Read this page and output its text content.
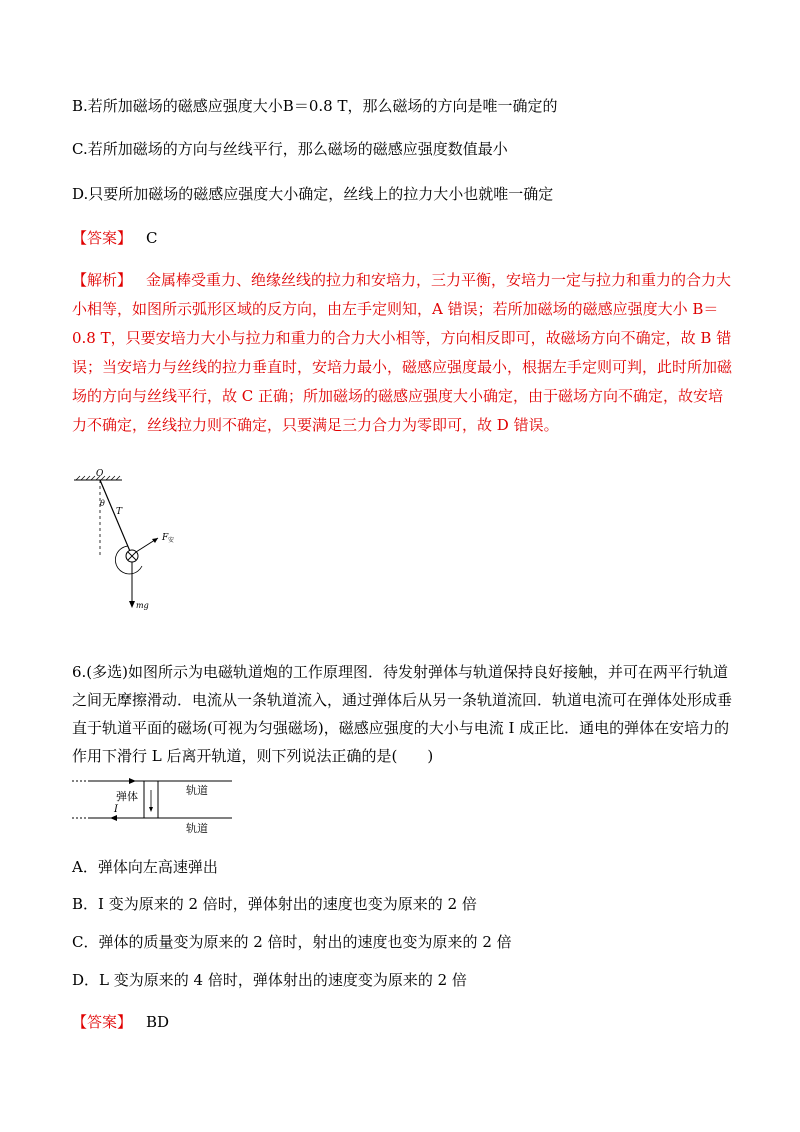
B.若所加磁场的磁感应强度大小B＝0.8 T，那么磁场的方向是唯一确定的
C.若所加磁场的方向与丝线平行，那么磁场的磁感应强度数值最小
D.只要所加磁场的磁感应强度大小确定，丝线上的拉力大小也就唯一确定
【答案】 C
【解析】 金属棒受重力、绝缘丝线的拉力和安培力，三力平衡，安培力一定与拉力和重力的合力大小相等，如图所示弧形区域的反方向，由左手定则知，A 错误；若所加磁场的磁感应强度大小 B＝0.8 T，只要安培力大小与拉力和重力的合力大小相等，方向相反即可，故磁场方向不确定，故 B 错误；当安培力与丝线的拉力垂直时，安培力最小，磁感应强度最小，根据左手定则可判，此时所加磁场的方向与丝线平行，故 C 正确；所加磁场的磁感应强度大小确定，由于磁场方向不确定，故安培力不确定，丝线拉力则不确定，只要满足三力合力为零即可，故 D 错误。
O
θ
T
F 安
mg
6.(多选)如图所示为电磁轨道炮的工作原理图．待发射弹体与轨道保持良好接触，并可在两平行轨道之间无摩擦滑动．电流从一条轨道流入，通过弹体后从另一条轨道流回．轨道电流可在弹体处形成垂直于轨道平面的磁场(可视为匀强磁场)，磁感应强度的大小与电流 I 成正比．通电的弹体在安培力的作用下滑行 L 后离开轨道，则下列说法正确的是(　　)
弹体
I
轨道
轨道
A．弹体向左高速弹出
B．I 变为原来的 2 倍时，弹体射出的速度也变为原来的 2 倍
C．弹体的质量变为原来的 2 倍时，射出的速度也变为原来的 2 倍
D．L 变为原来的 4 倍时，弹体射出的速度变为原来的 2 倍
【答案】 BD
